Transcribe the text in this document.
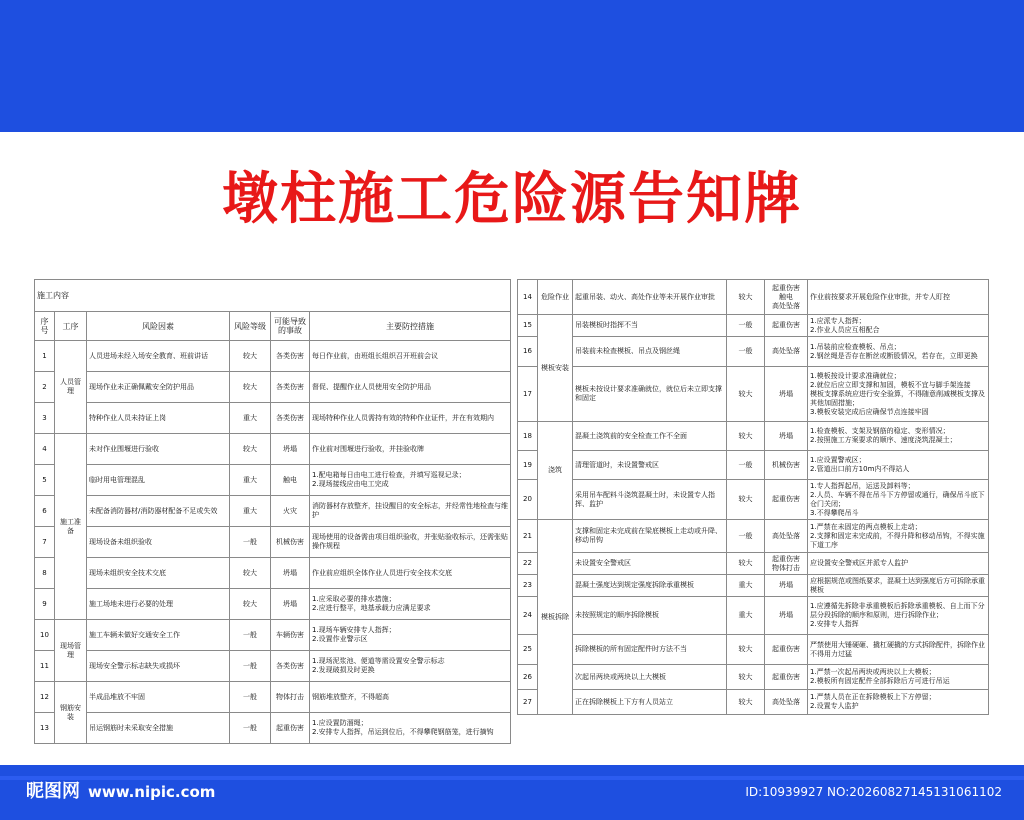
墩柱施工危险源告知牌
施工内容					
序号	工序	风险因素	风险等级	可能导致的事故	主要防控措施
1	人员管理	人员进场未经入场安全教育、班前讲话	较大	各类伤害	每日作业前，由班组长组织召开班前会议
2		现场作业未正确佩戴安全防护用品	较大	各类伤害	督促、提醒作业人员使用安全防护用品
3		特种作业人员未持证上岗	重大	各类伤害	现场特种作业人员需持有效的特种作业证件，并在有效期内
4	施工准备	未对作业围堰进行验收	较大	坍塌	作业前对围堰进行验收，并挂验收牌
5		临时用电管理混乱	重大	触电	1.配电箱每日由电工进行检查，并填写巡视记录；
2.现场接线应由电工完成
6		未配备消防器材/消防器材配备不足或失效	重大	火灾	消防器材存放整齐，挂设醒目的安全标志，并经常性地检查与维护
7		现场设备未组织验收	一般	机械伤害	现场使用的设备需由项目组织验收，并张贴验收标示，还需张贴操作规程
8		现场未组织安全技术交底	较大	坍塌	作业前应组织全体作业人员进行安全技术交底
9		施工场地未进行必要的处理	较大	坍塌	1.应采取必要的排水措施；
2.应进行整平，地基承载力应满足要求
10	现场管理	施工车辆未做好交通安全工作	一般	车辆伤害	1.现场车辆安排专人指挥；
2.设置作业警示区
11		现场安全警示标志缺失或损坏	一般	各类伤害	1.现场泥浆池、便道等需设置安全警示标志
2.发现破损及时更换
12	钢筋安装	半成品堆放不牢固	一般	物体打击	钢筋堆放整齐，不得超高
13		吊运钢筋时未采取安全措施	一般	起重伤害	1.应设置防溜绳；
2.安排专人指挥，吊运到位后，不得攀爬钢筋笼，进行摘钩
14	危险作业	起重吊装、动火、高处作业等未开展作业审批	较大	起重伤害
触电
高处坠落	作业前按要求开展危险作业审批，并专人盯控
15	模板安装	吊装模板时指挥不当	一般	起重伤害	1.应派专人指挥；
2.作业人员应互相配合
16		吊装前未检查模板、吊点及钢丝绳	一般	高处坠落	1.吊装前应检查模板、吊点；
2.钢丝绳是否存在断丝或断股情况，若存在，立即更换
17		模板未按设计要求准确就位，就位后未立即支撑和固定	较大	坍塌	1.模板按设计要求准确就位；
2.就位后应立即支撑和加固，模板不宜与脚手架连接
模板支撑系统应进行安全验算，不得随意削减模板支撑及其他加固措施；
3.模板安装完成后应确保节点连接牢固
18	浇筑	混凝土浇筑前的安全检查工作不全面	较大	坍塌	1.检查模板、支架及钢筋的稳定、变形情况；
2.按照施工方案要求的顺序、速度浇筑混凝土；
19		清理管道时，未设置警戒区	一般	机械伤害	1.应设置警戒区；
2.管道出口前方10m内不得站人
20		采用吊车配料斗浇筑混凝土时，未设置专人指挥、监护	较大	起重伤害	1.专人指挥起吊，运送及卸料等；
2.人员、车辆不得在吊斗下方停留或通行，确保吊斗底下仓门关闭；
3.不得攀爬吊斗
21	模板拆除	支撑和固定未完成前在梁底模板上走动或升降、移动吊钩	一般	高处坠落	1.严禁在未固定的两点模板上走动；
2.支撑和固定未完成前，不得升降和移动吊钩，不得实施下道工序
22		未设置安全警戒区	较大	起重伤害
物体打击	应设置安全警戒区并派专人监护
23		混凝土强度达到规定强度拆除承重模板	重大	坍塌	应根据规范或图纸要求，混凝土达到强度后方可拆除承重模板
24		未按照规定的顺序拆除模板	重大	坍塌	1.应遵循先拆除非承重模板后拆除承重模板、自上而下分层分段拆除的顺序和原则，进行拆除作业；
2.安排专人指挥
25		拆除模板的所有固定配件时方法不当	较大	起重伤害	严禁使用大锤硬砸、撬杠硬撬的方式拆除配件，拆除作业不得用力过猛
26		次起吊两块或两块以上大模板	较大	起重伤害	1.严禁一次起吊两块或两块以上大模板；
2.模板所有固定配件全部拆除后方可进行吊运
27		正在拆除模板上下方有人员站立	较大	高处坠落	1.严禁人员在正在拆除模板上下方停留；
2.设置专人监护
昵图网 www.nipic.com	ID:10939927 NO:20260827145131061102
